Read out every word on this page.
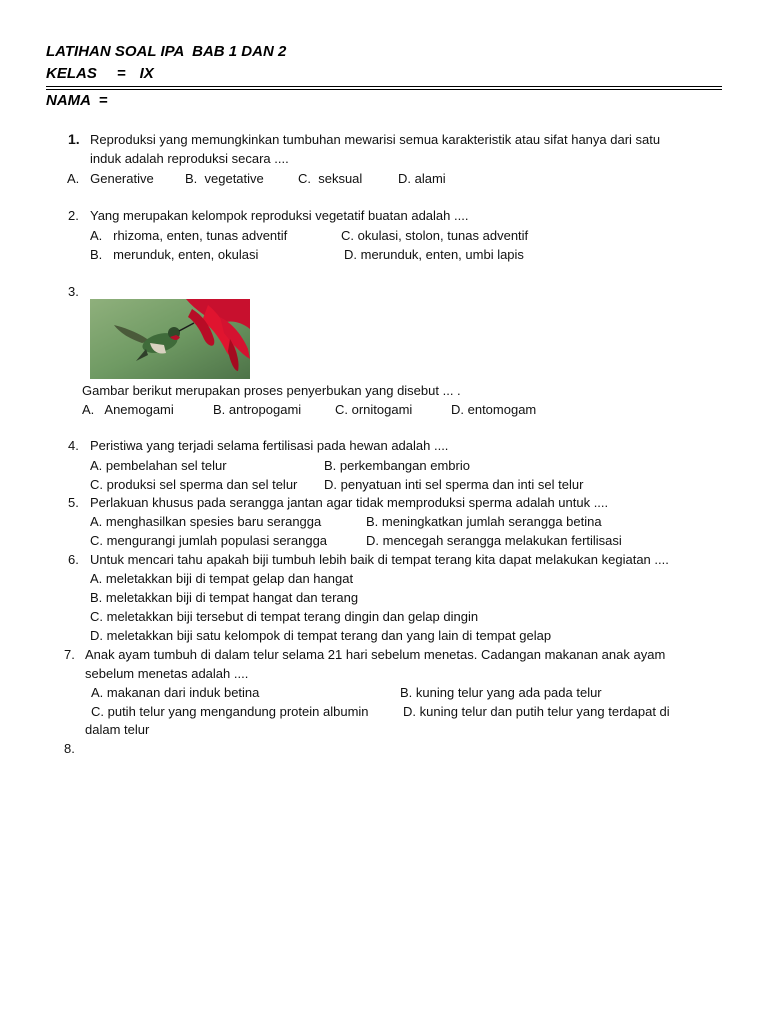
LATIHAN SOAL IPA  BAB 1 DAN 2
KELAS = IX
NAMA  =
1. Reproduksi yang memungkinkan tumbuhan mewarisi semua karakteristik atau sifat hanya dari satu
induk adalah reproduksi secara ....
A.   Generative B.  vegetative	C.  seksual	D. alami
2. Yang merupakan kelompok reproduksi vegetatif buatan adalah ....
A.   rhizoma, enten, tunas adventif	C. okulasi, stolon, tunas adventif
B.   merunduk, enten, okulasi	D. merunduk, enten, umbi lapis
3.
Gambar berikut merupakan proses penyerbukan yang disebut ... .
A.   Anemogami	B. antropogami	C. ornitogami	D. entomogam
4. Peristiwa yang terjadi selama fertilisasi pada hewan adalah ....
A. pembelahan sel telur	B. perkembangan embrio
C. produksi sel sperma dan sel telur D. penyatuan inti sel sperma dan inti sel telur
5. Perlakuan khusus pada serangga jantan agar tidak memproduksi sperma adalah untuk ....
A. menghasilkan spesies baru serangga	B. meningkatkan jumlah serangga betina
C. mengurangi jumlah populasi serangga	D. mencegah serangga melakukan fertilisasi
6. Untuk mencari tahu apakah biji tumbuh lebih baik di tempat terang kita dapat melakukan kegiatan ....
A. meletakkan biji di tempat gelap dan hangat
B. meletakkan biji di tempat hangat dan terang
C. meletakkan biji tersebut di tempat terang dingin dan gelap dingin
D. meletakkan biji satu kelompok di tempat terang dan yang lain di tempat gelap
7. Anak ayam tumbuh di dalam telur selama 21 hari sebelum menetas. Cadangan makanan anak ayam
sebelum menetas adalah ....
A. makanan dari induk betina	B. kuning telur yang ada pada telur
C. putih telur yang mengandung protein albumin	D. kuning telur dan putih telur yang terdapat di
dalam telur
8.
